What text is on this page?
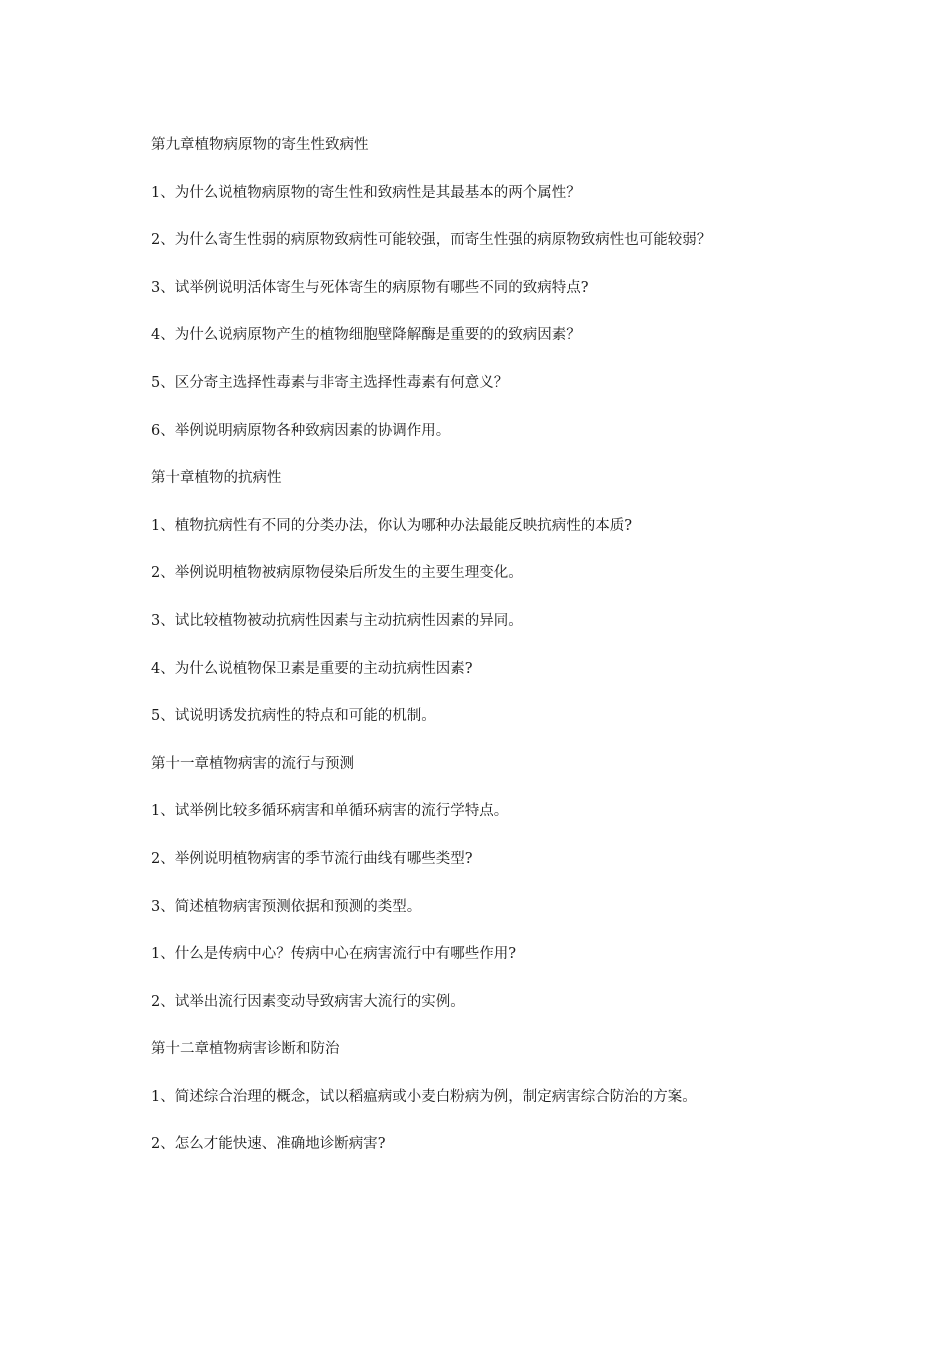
第九章植物病原物的寄生性致病性
1、为什么说植物病原物的寄生性和致病性是其最基本的两个属性？
2、为什么寄生性弱的病原物致病性可能较强，而寄生性强的病原物致病性也可能较弱？
3、试举例说明活体寄生与死体寄生的病原物有哪些不同的致病特点?
4、为什么说病原物产生的植物细胞壁降解酶是重要的的致病因素？
5、区分寄主选择性毒素与非寄主选择性毒素有何意义？
6、举例说明病原物各种致病因素的协调作用。
第十章植物的抗病性
1、植物抗病性有不同的分类办法，你认为哪种办法最能反映抗病性的本质?
2、举例说明植物被病原物侵染后所发生的主要生理变化。
3、试比较植物被动抗病性因素与主动抗病性因素的异同。
4、为什么说植物保卫素是重要的主动抗病性因素?
5、试说明诱发抗病性的特点和可能的机制。
第十一章植物病害的流行与预测
1、试举例比较多循环病害和单循环病害的流行学特点。
2、举例说明植物病害的季节流行曲线有哪些类型?
3、简述植物病害预测依据和预测的类型。
1、什么是传病中心？传病中心在病害流行中有哪些作用?
2、试举出流行因素变动导致病害大流行的实例。
第十二章植物病害诊断和防治
1、简述综合治理的概念，试以稻瘟病或小麦白粉病为例，制定病害综合防治的方案。
2、怎么才能快速、准确地诊断病害?
